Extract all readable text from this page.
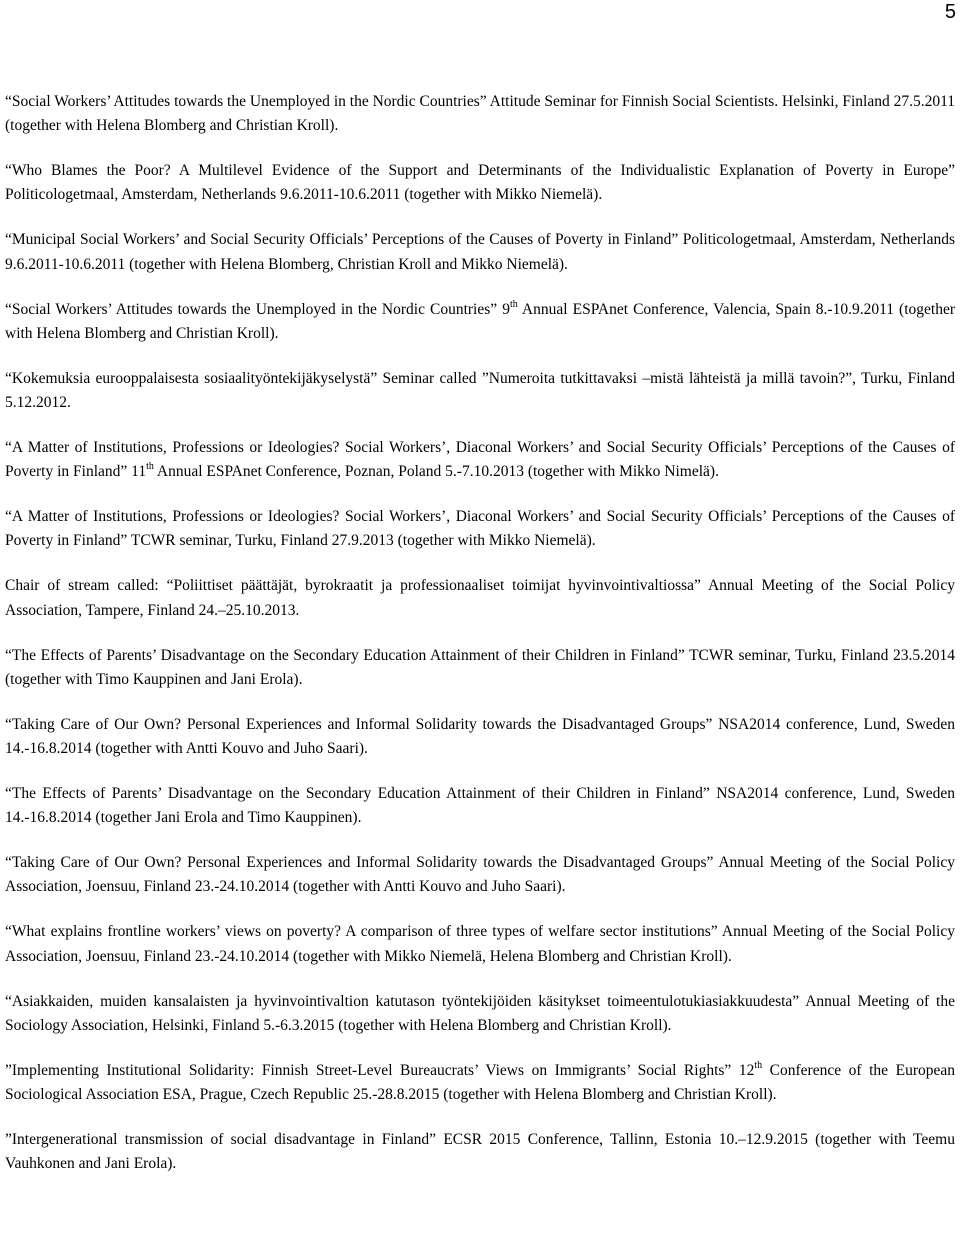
5

“Social Workers’ Attitudes towards the Unemployed in the Nordic Countries” Attitude Seminar for Finnish Social Scientists. Helsinki, Finland 27.5.2011 (together with Helena Blomberg and Christian Kroll).

“Who Blames the Poor? A Multilevel Evidence of the Support and Determinants of the Individualistic Explanation of Poverty in Europe” Politicologetmaal, Amsterdam, Netherlands 9.6.2011-10.6.2011 (together with Mikko Niemelä).

“Municipal Social Workers’ and Social Security Officials’ Perceptions of the Causes of Poverty in Finland” Politicologetmaal, Amsterdam, Netherlands 9.6.2011-10.6.2011 (together with Helena Blomberg, Christian Kroll and Mikko Niemelä).

“Social Workers’ Attitudes towards the Unemployed in the Nordic Countries” 9th Annual ESPAnet Conference, Valencia, Spain 8.-10.9.2011 (together with Helena Blomberg and Christian Kroll).

“Kokemuksia eurooppalaisesta sosiaalityöntekijäkyselystä” Seminar called ”Numeroita tutkittavaksi –mistä lähteistä ja millä tavoin?”, Turku, Finland 5.12.2012.

“A Matter of Institutions, Professions or Ideologies? Social Workers’, Diaconal Workers’ and Social Security Officials’ Perceptions of the Causes of Poverty in Finland” 11th Annual ESPAnet Conference, Poznan, Poland 5.-7.10.2013 (together with Mikko Nimelä).

“A Matter of Institutions, Professions or Ideologies? Social Workers’, Diaconal Workers’ and Social Security Officials’ Perceptions of the Causes of Poverty in Finland” TCWR seminar, Turku, Finland 27.9.2013 (together with Mikko Niemelä).

Chair of stream called: “Poliittiset päättäjät, byrokraatit ja professionaaliset toimijat hyvinvointivaltiossa” Annual Meeting of the Social Policy Association, Tampere, Finland 24.–25.10.2013.

“The Effects of Parents’ Disadvantage on the Secondary Education Attainment of their Children in Finland” TCWR seminar, Turku, Finland 23.5.2014 (together with Timo Kauppinen and Jani Erola).

“Taking Care of Our Own? Personal Experiences and Informal Solidarity towards the Disadvantaged Groups” NSA2014 conference, Lund, Sweden 14.-16.8.2014 (together with Antti Kouvo and Juho Saari).

“The Effects of Parents’ Disadvantage on the Secondary Education Attainment of their Children in Finland” NSA2014 conference, Lund, Sweden 14.-16.8.2014 (together Jani Erola and Timo Kauppinen).

“Taking Care of Our Own? Personal Experiences and Informal Solidarity towards the Disadvantaged Groups” Annual Meeting of the Social Policy Association, Joensuu, Finland 23.-24.10.2014 (together with Antti Kouvo and Juho Saari).

“What explains frontline workers’ views on poverty? A comparison of three types of welfare sector institutions” Annual Meeting of the Social Policy Association, Joensuu, Finland 23.-24.10.2014 (together with Mikko Niemelä, Helena Blomberg and Christian Kroll).

“Asiakkaiden, muiden kansalaisten ja hyvinvointivaltion katutason työntekijöiden käsitykset toimeentulotukiasiakkuudesta” Annual Meeting of the Sociology Association, Helsinki, Finland 5.-6.3.2015 (together with Helena Blomberg and Christian Kroll).

”Implementing Institutional Solidarity: Finnish Street-Level Bureaucrats’ Views on Immigrants’ Social Rights” 12th Conference of the European Sociological Association ESA, Prague, Czech Republic 25.-28.8.2015 (together with Helena Blomberg and Christian Kroll).

”Intergenerational transmission of social disadvantage in Finland” ECSR 2015 Conference, Tallinn, Estonia 10.–12.9.2015 (together with Teemu Vauhkonen and Jani Erola).
